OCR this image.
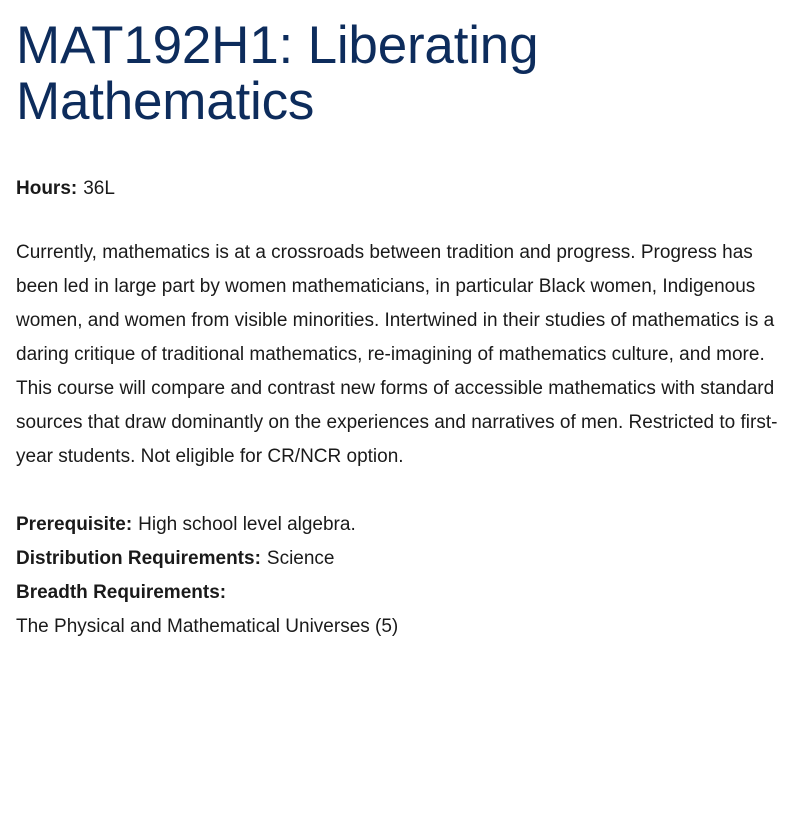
MAT192H1: Liberating Mathematics
Hours: 36L

Currently, mathematics is at a crossroads between tradition and progress. Progress has been led in large part by women mathematicians, in particular Black women, Indigenous women, and women from visible minorities. Intertwined in their studies of mathematics is a daring critique of traditional mathematics, re-imagining of mathematics culture, and more. This course will compare and contrast new forms of accessible mathematics with standard sources that draw dominantly on the experiences and narratives of men. Restricted to first-year students. Not eligible for CR/NCR option.

Prerequisite: High school level algebra.
Distribution Requirements: Science
Breadth Requirements:
The Physical and Mathematical Universes (5)
